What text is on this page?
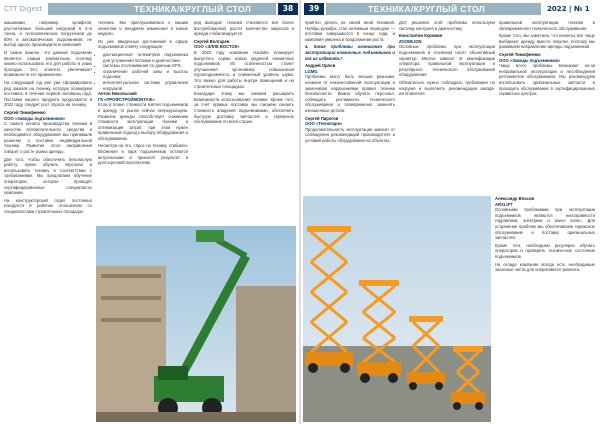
СТТ Digest	ТЕХНИКА/КРУГЛЫЙ СТОЛ	38

машинами, например эрлифтов, рассчитанные большей нагрузкой в 4–5 тонна, и телескопических погрузчиков до 50% и автоматических подъемников, не выбор одного производителя компаний.

И самое важное, что данный подъемник является самым компактным, поэтому можно использовать его для работы в узких проходах. Это, конечно, увеличивает возможности его применения.

На следующий год уже уже сформировано ряд заказов на технику, которую планируем поставить в течение первой половины года. Поставки нашего продукта продолжатся в 2022 году, следует рост спроса на технику.

Сергей Тимофеенко
ООО «Заводы подъемников»

С самого начала производства техники в качестве вспомогательного средства и необходимого оборудования мы принимали решение о поставке индивидуальной техники. Развитие этого направления говорит о росте рынка аренды.

Для того, чтобы обеспечить безопасную работу, нужно обучать персонал и использовать технику в соответствии с требованиями. Мы предлагаем обучение операторов, которое проводят сертифицированные специалисты компании.

На конструкторский отдел постоянно находятся в рабочих отношениях со специалистами строительных площадок.

тележек. Мы прислушиваемся к нашим клиентам и внедряем изменения в новые модели.

Из уже введенных достижений в сфере подъемников отмечу следующие:

• дистанционная телеметрия подъемника для устранения поломок и диагностики;
• системы отслеживания по данным GPS;
• ограничение рабочей зоны и высоты подъема;
• интеллектуальная система управления нагрузкой.
Антон Никольский
ГК «ПРОФСТРОЙМОНТАЖ»

Если в плане стоимости взятия подъемников в аренду, то рынок сейчас непредсказуем. Развитие аренды способствует снижению стоимости эксплуатации техники и оптимизации затрат, при этом нужен правильный подход к выбору оборудования и обслуживанию.

Несмотря на это, спрос на технику стабилен. Вложения в парк подъемников остаются актуальными и приносят результат в долгосрочной перспективе.

ряд выводов: техника становится всё более востребованной, растет количество запросов и аренда стабилизируется.

Сергей Волгарев
ООО «ЭЛЛЕ ВОСТОК»

В 2022 году компания Haulotte планирует выпустить серию новых моделей ножничных подъемников. Их особенностью станет улучшенная эргономика, повышенная грузоподъемность и сниженный уровень шума. Это важно для работы внутри помещений и на строительных площадках.

Благодаря этому мы сможем расширить возможности использования техники. Кроме того, за счет прямых поставок мы сможем снизить стоимость владения подъемниками, обеспечить быструю доставку запчастей и сервисное обслуживание по всей стране.

39	ТЕХНИКА/КРУГЛЫЙ СТОЛ	2022 | № 1

приятно делать их своей иной техникой. Ноябрь-декабрь стал активным периодом — поставки завершаются в конце года, и компания уверена в продолжении роста.

4. Какие проблемы возникают при эксплуатации ножничных подъемников и как их избежать?

Андрей Орлов
LGMG

Проблемы могут быть весьма разными, начиная от некачественной эксплуатации и заканчивая нарушениями правил техники безопасности. Важно обучать персонал, соблюдать регламенты технического обслуживания и своевременно заменять изношенные детали.

Сергей Пирогов
ООО «Технопарк»

Продолжительность эксплуатации зависит от соблюдения рекомендаций производителя и условий работы оборудования на объектах.

Для решения этой проблемы используем систему контроля и диагностику.

Константин Коровин
ZOOMLION

Основные проблемы при эксплуатации подъемников в основном носят объективный характер. Многое зависит от квалификации оператора, правильной эксплуатации и регулярного технического обслуживания оборудования.

Обязательно нужно соблюдать требования по нагрузке и выполнять рекомендации завода-изготовителя.

Александр Власов
ARSLIFT

Основными проблемами при эксплуатации подъемников являются неисправности гидравлики, электрики и износ колес. Для устранения проблем мы обеспечиваем сервисное обслуживание и поставку оригинальных запчастей.

Кроме того, необходимо регулярно обучать операторов и проверять техническое состояние подъемников.

На складе компании всегда есть необходимые запасные части для оперативного ремонта.

правильной эксплуатации техники и своевременного технического обслуживания.

Кроме того, мы заметили, что клиенты все чаще выбирают аренду вместо покупки, поэтому мы развиваем направление аренды подъемников.

Сергей Тимофеенко
ООО «Заводы подъемников»

Чаще всего проблемы возникают из-за неправильной эксплуатации и несоблюдения регламентов обслуживания. Мы рекомендуем использовать оригинальные запчасти и проходить обслуживание в сертифицированных сервисных центрах.
